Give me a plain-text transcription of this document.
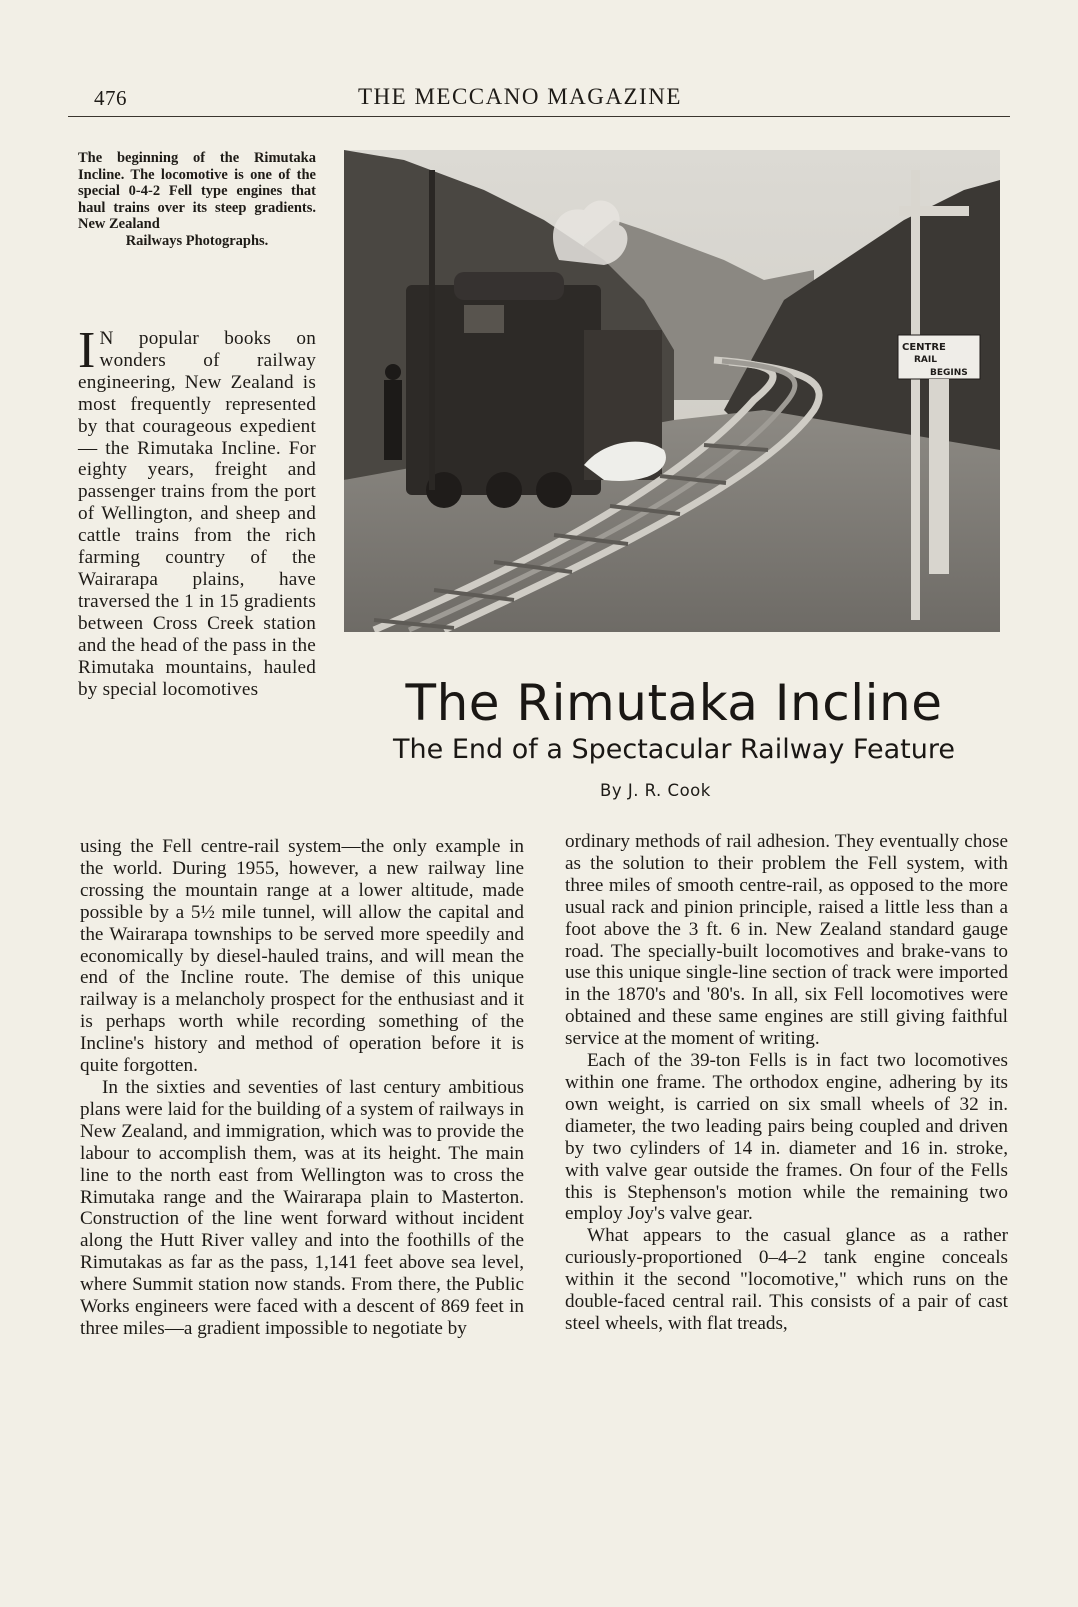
476	THE MECCANO MAGAZINE
The beginning of the Rimutaka Incline. The locomotive is one of the special 0-4-2 Fell type engines that haul trains over its steep gradients. New Zealand
Railways Photographs.
CENTRE
RAIL
BEGINS
The Rimutaka Incline
The End of a Spectacular Railway Feature
By J. R. Cook

I N popular books on wonders of railway engineering, New Zealand is most frequently represented by that courageous expedient — the Rimutaka Incline. For eighty years, freight and passenger trains from the port of Wellington, and sheep and cattle trains from the rich farming country of the Wairarapa plains, have traversed the 1 in 15 gradients between Cross Creek station and the head of the pass in the Rimutaka mountains, hauled by special locomotives

using the Fell centre-rail system—the only example in the world. During 1955, however, a new railway line crossing the mountain range at a lower altitude, made possible by a 5½ mile tunnel, will allow the capital and the Wairarapa townships to be served more speedily and economically by diesel-hauled trains, and will mean the end of the Incline route. The demise of this unique railway is a melancholy prospect for the enthusiast and it is perhaps worth while recording something of the Incline's history and method of operation before it is quite forgotten.

In the sixties and seventies of last century ambitious plans were laid for the building of a system of railways in New Zealand, and immigration, which was to provide the labour to accomplish them, was at its height. The main line to the north east from Wellington was to cross the Rimutaka range and the Wairarapa plain to Masterton. Construction of the line went forward without incident along the Hutt River valley and into the foothills of the Rimutakas as far as the pass, 1,141 feet above sea level, where Summit station now stands. From there, the Public Works engineers were faced with a descent of 869 feet in three miles—a gradient impossible to negotiate by

ordinary methods of rail adhesion. They eventually chose as the solution to their problem the Fell system, with three miles of smooth centre-rail, as opposed to the more usual rack and pinion principle, raised a little less than a foot above the 3 ft. 6 in. New Zealand standard gauge road. The specially-built locomotives and brake-vans to use this unique single-line section of track were imported in the 1870's and '80's. In all, six Fell locomotives were obtained and these same engines are still giving faithful service at the moment of writing.

Each of the 39-ton Fells is in fact two locomotives within one frame. The orthodox engine, adhering by its own weight, is carried on six small wheels of 32 in. diameter, the two leading pairs being coupled and driven by two cylinders of 14 in. diameter and 16 in. stroke, with valve gear outside the frames. On four of the Fells this is Stephenson's motion while the remaining two employ Joy's valve gear.

What appears to the casual glance as a rather curiously-proportioned 0–4–2 tank engine conceals within it the second "locomotive," which runs on the double-faced central rail. This consists of a pair of cast steel wheels, with flat treads,
